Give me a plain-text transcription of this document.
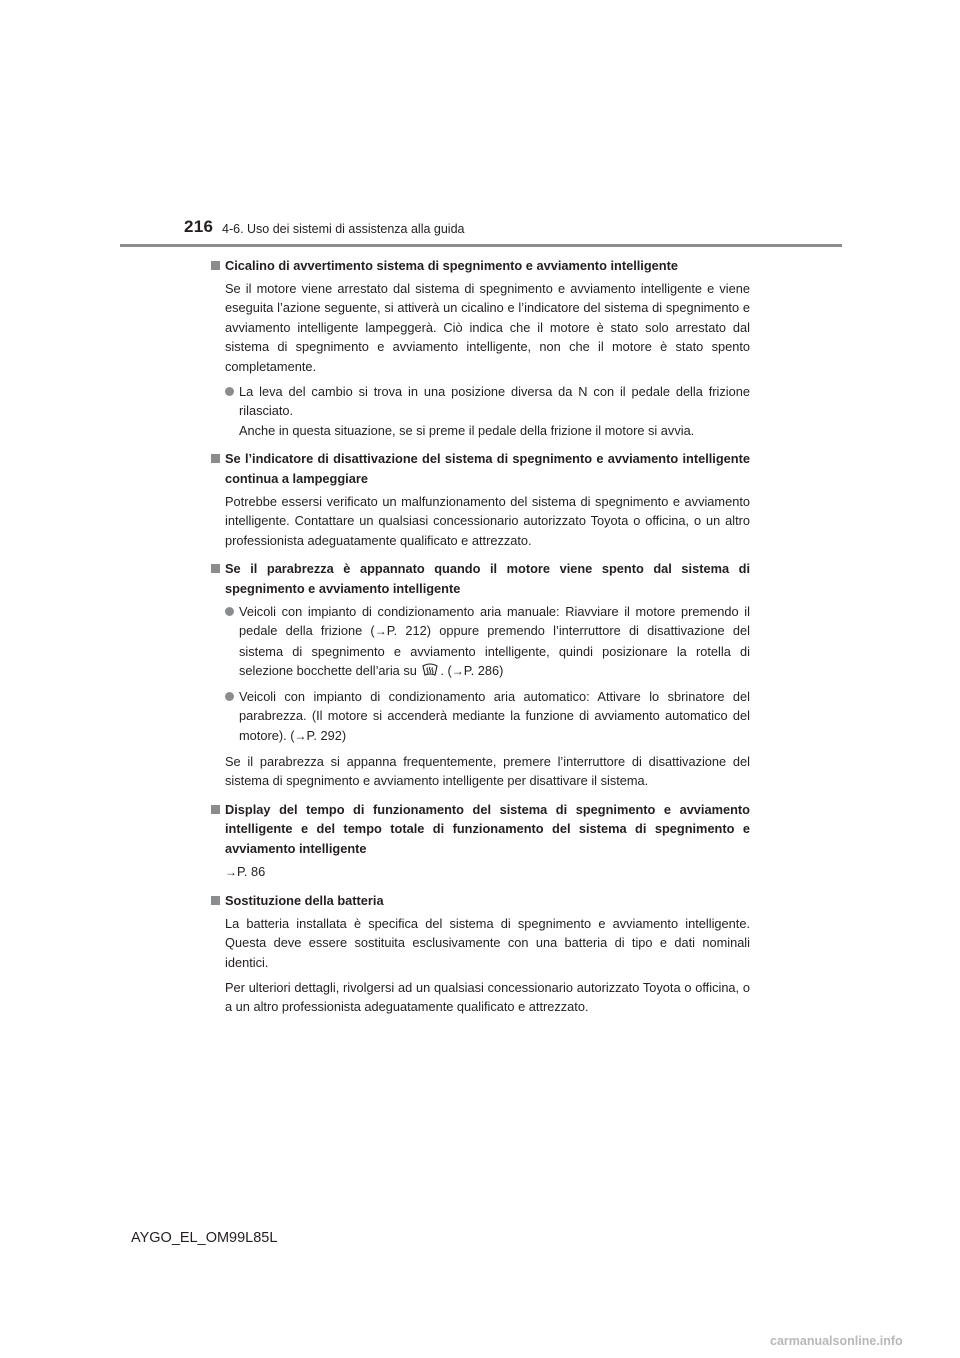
216 4-6. Uso dei sistemi di assistenza alla guida
Cicalino di avvertimento sistema di spegnimento e avviamento intelligente

Se il motore viene arrestato dal sistema di spegnimento e avviamento intelligente e viene eseguita l’azione seguente, si attiverà un cicalino e l’indicatore del sistema di spegnimento e avviamento intelligente lampeggerà. Ciò indica che il motore è stato solo arrestato dal sistema di spegnimento e avviamento intelligente, non che il motore è stato spento completamente.

La leva del cambio si trova in una posizione diversa da N con il pedale della frizione rilasciato.
Anche in questa situazione, se si preme il pedale della frizione il motore si avvia.
Se l’indicatore di disattivazione del sistema di spegnimento e avviamento intelligente continua a lampeggiare

Potrebbe essersi verificato un malfunzionamento del sistema di spegnimento e avviamento intelligente. Contattare un qualsiasi concessionario autorizzato Toyota o officina, o un altro professionista adeguatamente qualificato e attrezzato.

Se il parabrezza è appannato quando il motore viene spento dal sistema di spegnimento e avviamento intelligente
Veicoli con impianto di condizionamento aria manuale: Riavviare il motore premendo il pedale della frizione (→P. 212) oppure premendo l’interruttore di disattivazione del sistema di spegnimento e avviamento intelligente, quindi posizionare la rotella di selezione bocchette dell’aria su . (→P. 286)
Veicoli con impianto di condizionamento aria automatico: Attivare lo sbrinatore del parabrezza. (Il motore si accenderà mediante la funzione di avviamento automatico del motore). (→P. 292)

Se il parabrezza si appanna frequentemente, premere l’interruttore di disattivazione del sistema di spegnimento e avviamento intelligente per disattivare il sistema.

Display del tempo di funzionamento del sistema di spegnimento e avviamento intelligente e del tempo totale di funzionamento del sistema di spegnimento e avviamento intelligente

→P. 86

Sostituzione della batteria

La batteria installata è specifica del sistema di spegnimento e avviamento intelligente. Questa deve essere sostituita esclusivamente con una batteria di tipo e dati nominali identici.

Per ulteriori dettagli, rivolgersi ad un qualsiasi concessionario autorizzato Toyota o officina, o a un altro professionista adeguatamente qualificato e attrezzato.

AYGO_EL_OM99L85L
carmanualsonline.info
